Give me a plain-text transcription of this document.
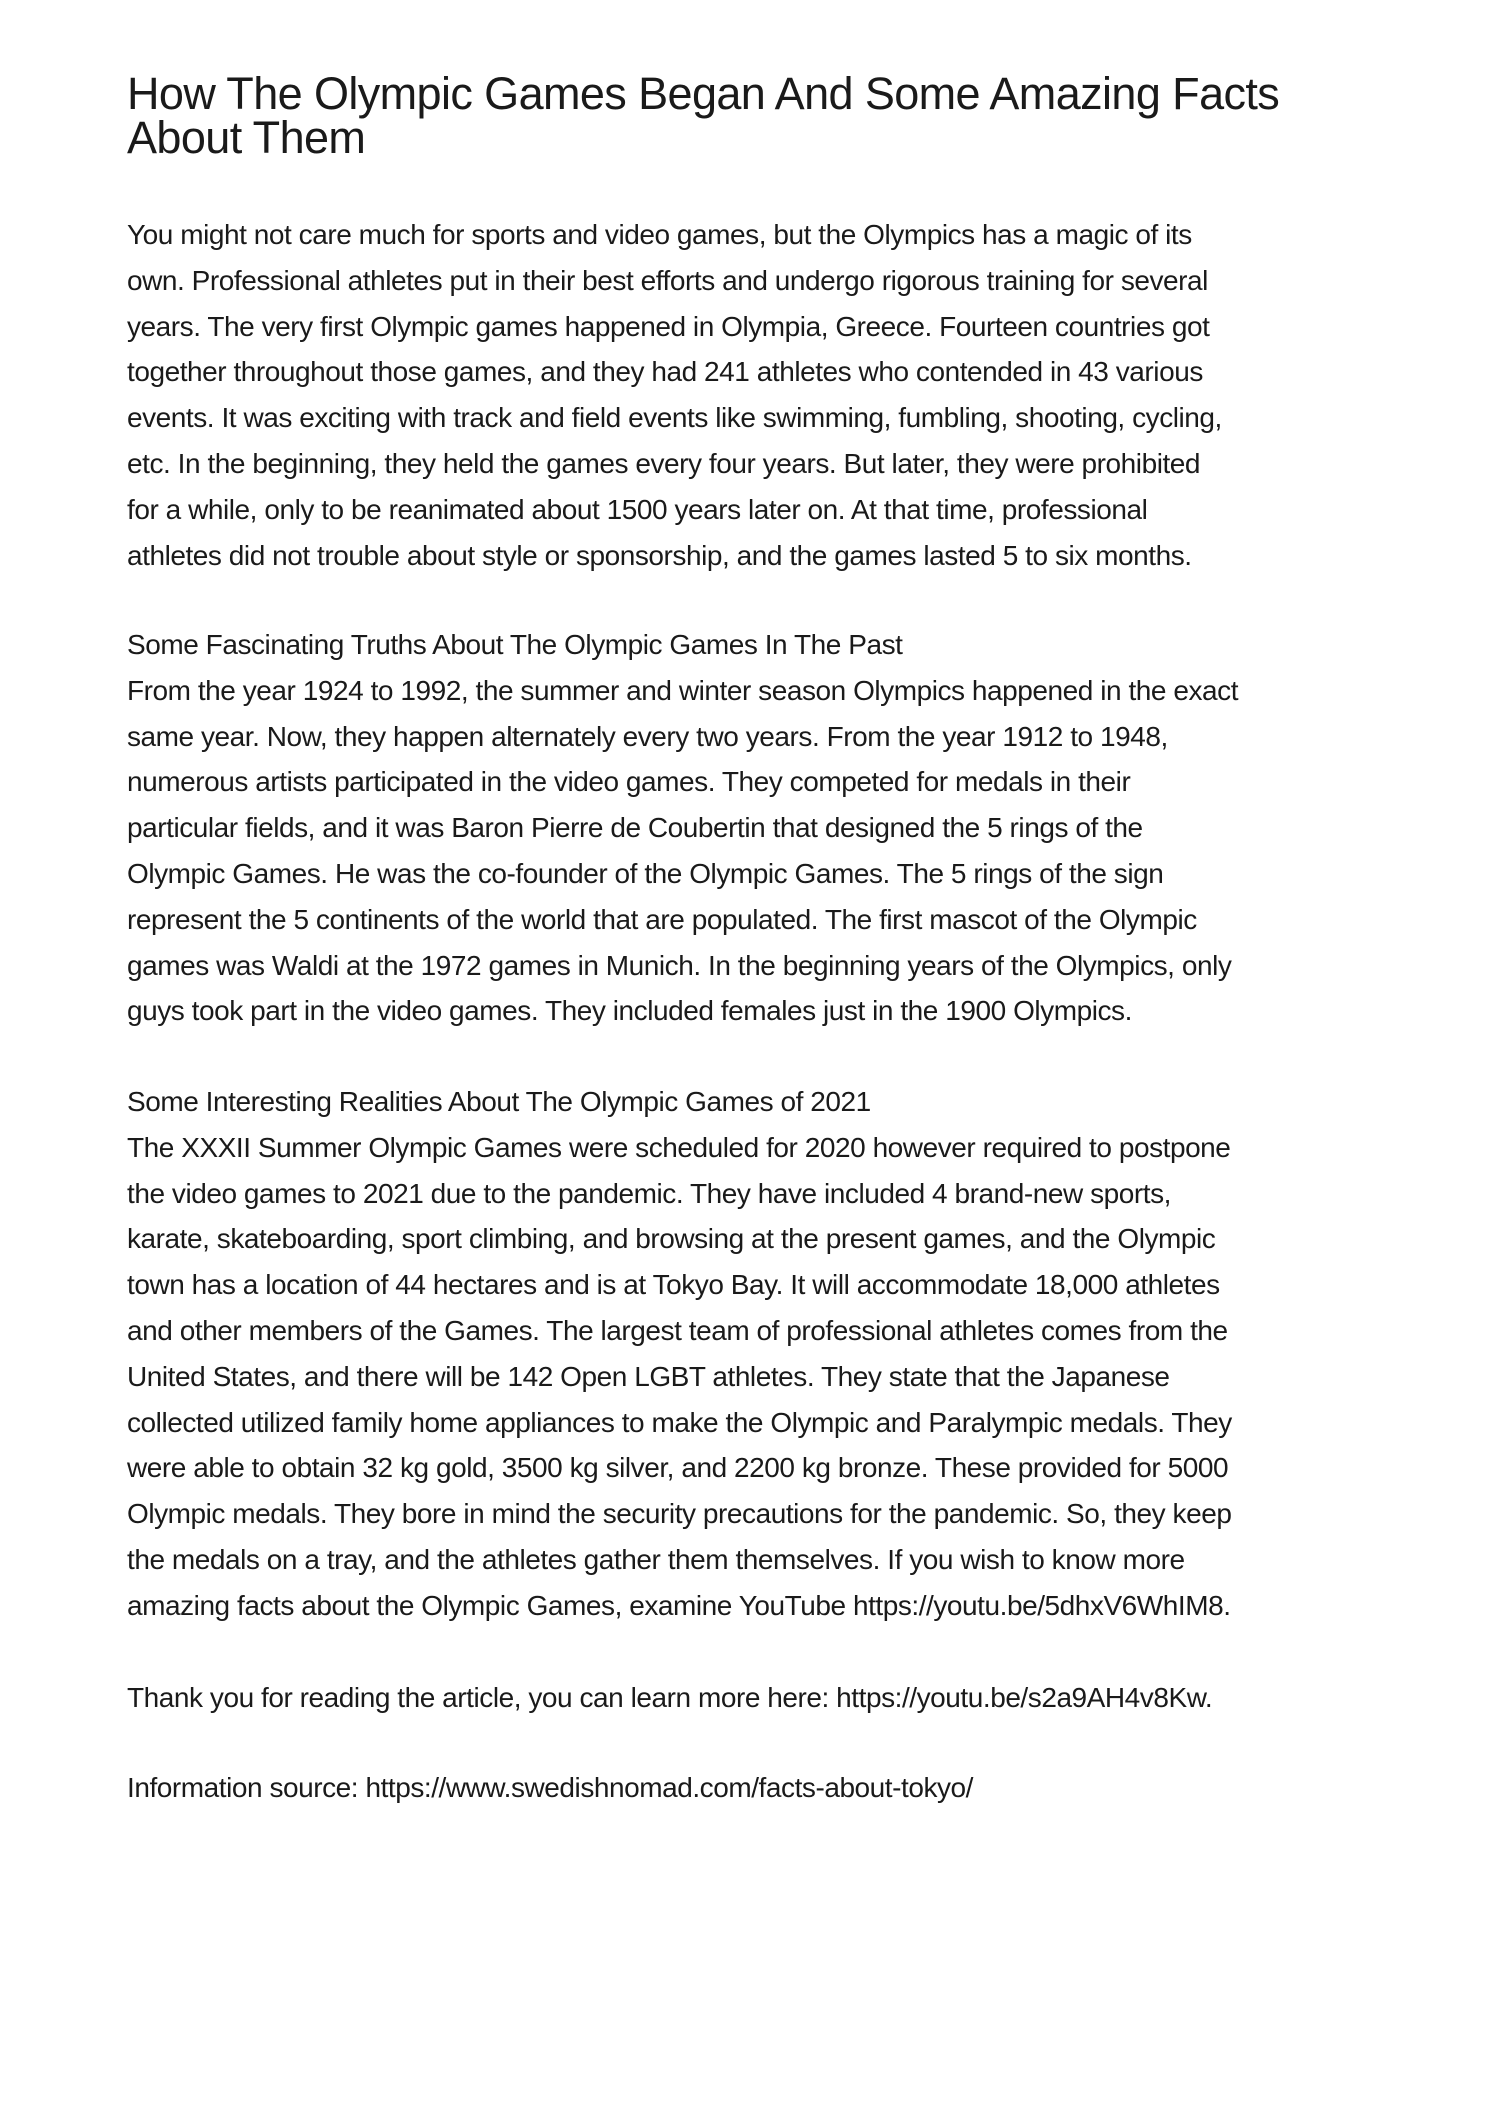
How The Olympic Games Began And Some Amazing Facts
About Them
You might not care much for sports and video games, but the Olympics has a magic of its
own. Professional athletes put in their best efforts and undergo rigorous training for several
years. The very first Olympic games happened in Olympia, Greece. Fourteen countries got
together throughout those games, and they had 241 athletes who contended in 43 various
events. It was exciting with track and field events like swimming, fumbling, shooting, cycling,
etc. In the beginning, they held the games every four years. But later, they were prohibited
for a while, only to be reanimated about 1500 years later on. At that time, professional
athletes did not trouble about style or sponsorship, and the games lasted 5 to six months.
Some Fascinating Truths About The Olympic Games In The Past
From the year 1924 to 1992, the summer and winter season Olympics happened in the exact
same year. Now, they happen alternately every two years. From the year 1912 to 1948,
numerous artists participated in the video games. They competed for medals in their
particular fields, and it was Baron Pierre de Coubertin that designed the 5 rings of the
Olympic Games. He was the co-founder of the Olympic Games. The 5 rings of the sign
represent the 5 continents of the world that are populated. The first mascot of the Olympic
games was Waldi at the 1972 games in Munich. In the beginning years of the Olympics, only
guys took part in the video games. They included females just in the 1900 Olympics.
Some Interesting Realities About The Olympic Games of 2021
The XXXII Summer Olympic Games were scheduled for 2020 however required to postpone
the video games to 2021 due to the pandemic. They have included 4 brand-new sports,
karate, skateboarding, sport climbing, and browsing at the present games, and the Olympic
town has a location of 44 hectares and is at Tokyo Bay. It will accommodate 18,000 athletes
and other members of the Games. The largest team of professional athletes comes from the
United States, and there will be 142 Open LGBT athletes. They state that the Japanese
collected utilized family home appliances to make the Olympic and Paralympic medals. They
were able to obtain 32 kg gold, 3500 kg silver, and 2200 kg bronze. These provided for 5000
Olympic medals. They bore in mind the security precautions for the pandemic. So, they keep
the medals on a tray, and the athletes gather them themselves. If you wish to know more
amazing facts about the Olympic Games, examine YouTube https://youtu.be/5dhxV6WhIM8.
Thank you for reading the article, you can learn more here: https://youtu.be/s2a9AH4v8Kw.
Information source: https://www.swedishnomad.com/facts-about-tokyo/
